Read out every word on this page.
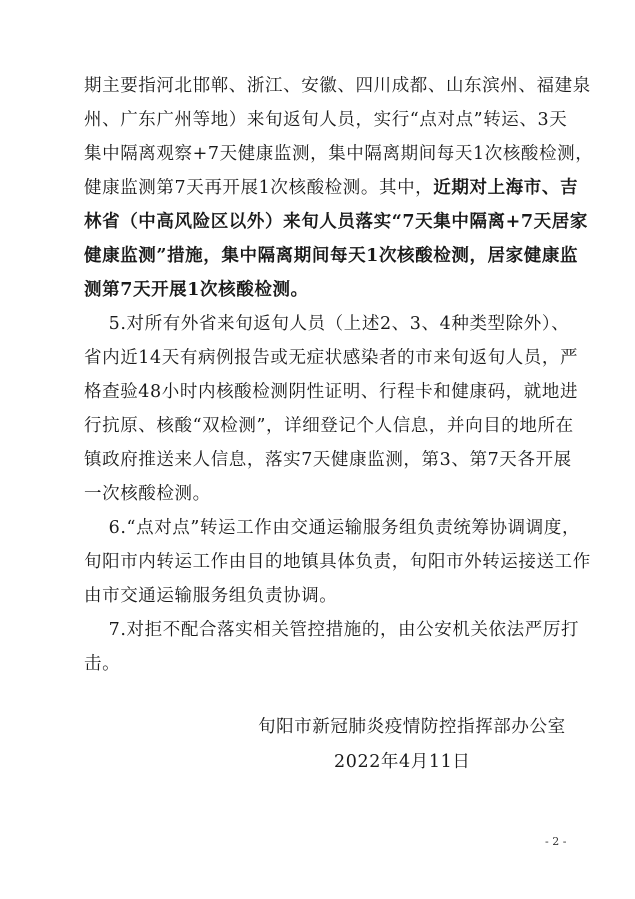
期主要指河北邯郸、浙江、安徽、四川成都、山东滨州、福建泉
州、广东广州等地）来旬返旬人员，实行“点对点”转运、3天
集中隔离观察+7天健康监测，集中隔离期间每天1次核酸检测，
健康监测第7天再开展1次核酸检测。其中，近期对上海市、吉
林省（中高风险区以外）来旬人员落实“7天集中隔离+7天居家
健康监测”措施，集中隔离期间每天1次核酸检测，居家健康监
测第7天开展1次核酸检测。
5.对所有外省来旬返旬人员（上述2、3、4种类型除外）、
省内近14天有病例报告或无症状感染者的市来旬返旬人员，严
格查验48小时内核酸检测阴性证明、行程卡和健康码，就地进
行抗原、核酸“双检测”，详细登记个人信息，并向目的地所在
镇政府推送来人信息，落实7天健康监测，第3、第7天各开展
一次核酸检测。
6.“点对点”转运工作由交通运输服务组负责统筹协调调度，
旬阳市内转运工作由目的地镇具体负责，旬阳市外转运接送工作
由市交通运输服务组负责协调。
7.对拒不配合落实相关管控措施的，由公安机关依法严厉打
击。
旬阳市新冠肺炎疫情防控指挥部办公室
2022年4月11日
- 2 -
